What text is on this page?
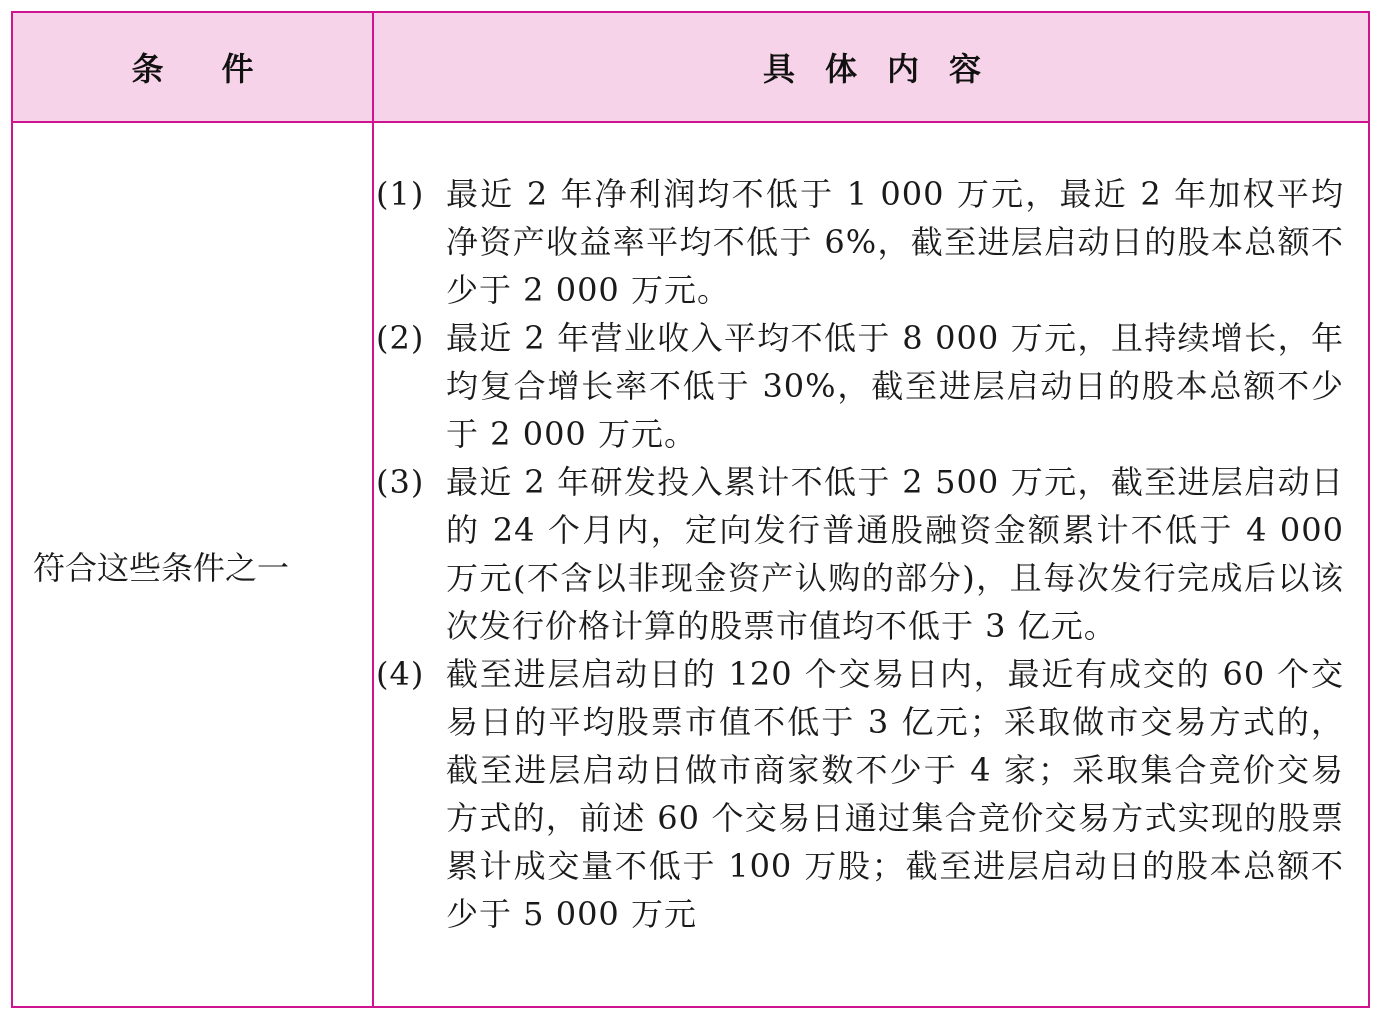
条件	具体内容
符合这些条件之一
(1) 最近 2 年净利润均不低于 1 000 万元，最近 2 年加权平均净资产收益率平均不低于 6%，截至进层启动日的股本总额不少于 2 000 万元。
(2) 最近 2 年营业收入平均不低于 8 000 万元，且持续增长，年均复合增长率不低于 30%，截至进层启动日的股本总额不少于 2 000 万元。
(3) 最近 2 年研发投入累计不低于 2 500 万元，截至进层启动日的 24 个月内，定向发行普通股融资金额累计不低于 4 000 万元(不含以非现金资产认购的部分)，且每次发行完成后以该次发行价格计算的股票市值均不低于 3 亿元。
(4) 截至进层启动日的 120 个交易日内，最近有成交的 60 个交易日的平均股票市值不低于 3 亿元；采取做市交易方式的，截至进层启动日做市商家数不少于 4 家；采取集合竞价交易方式的，前述 60 个交易日通过集合竞价交易方式实现的股票累计成交量不低于 100 万股；截至进层启动日的股本总额不少于 5 000 万元
